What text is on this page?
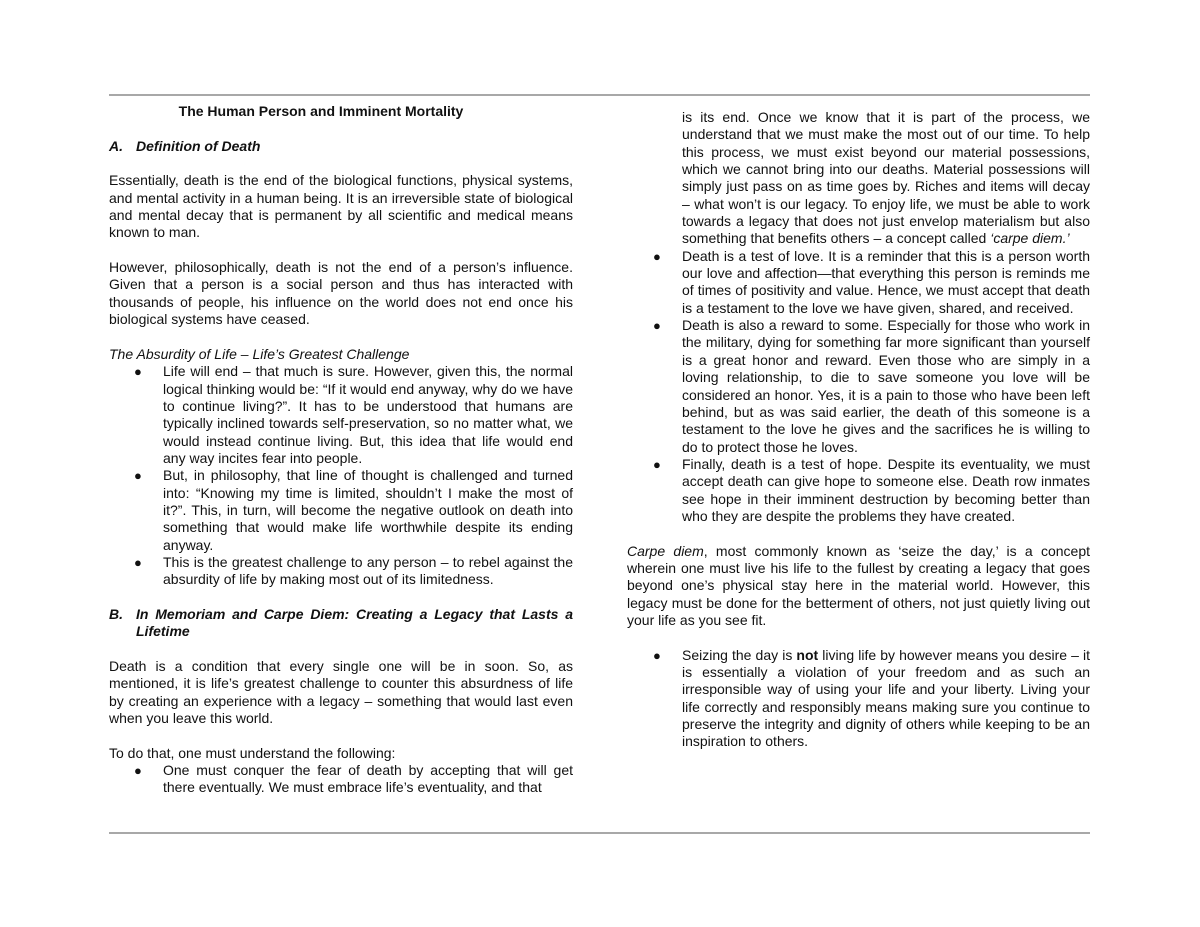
The Human Person and Imminent Mortality

A. Definition of Death

Essentially, death is the end of the biological functions, physical systems, and mental activity in a human being. It is an irreversible state of biological and mental decay that is permanent by all scientific and medical means known to man.

However, philosophically, death is not the end of a person’s influence. Given that a person is a social person and thus has interacted with thousands of people, his influence on the world does not end once his biological systems have ceased.

The Absurdity of Life – Life’s Greatest Challenge

● Life will end – that much is sure. However, given this, the normal logical thinking would be: “If it would end anyway, why do we have to continue living?”. It has to be understood that humans are typically inclined towards self-preservation, so no matter what, we would instead continue living. But, this idea that life would end any way incites fear into people.
● But, in philosophy, that line of thought is challenged and turned into: “Knowing my time is limited, shouldn’t I make the most of it?”. This, in turn, will become the negative outlook on death into something that would make life worthwhile despite its ending anyway.
● This is the greatest challenge to any person – to rebel against the absurdity of life by making most out of its limitedness.
B. In Memoriam and Carpe Diem: Creating a Legacy that Lasts a Lifetime

Death is a condition that every single one will be in soon. So, as mentioned, it is life’s greatest challenge to counter this absurdness of life by creating an experience with a legacy – something that would last even when you leave this world.

To do that, one must understand the following:

● One must conquer the fear of death by accepting that will get there eventually. We must embrace life’s eventuality, and that

is its end. Once we know that it is part of the process, we understand that we must make the most out of our time. To help this process, we must exist beyond our material possessions, which we cannot bring into our deaths. Material possessions will simply just pass on as time goes by. Riches and items will decay – what won’t is our legacy. To enjoy life, we must be able to work towards a legacy that does not just envelop materialism but also something that benefits others – a concept called ‘carpe diem.’

● Death is a test of love. It is a reminder that this is a person worth our love and affection—that everything this person is reminds me of times of positivity and value. Hence, we must accept that death is a testament to the love we have given, shared, and received.
● Death is also a reward to some. Especially for those who work in the military, dying for something far more significant than yourself is a great honor and reward. Even those who are simply in a loving relationship, to die to save someone you love will be considered an honor. Yes, it is a pain to those who have been left behind, but as was said earlier, the death of this someone is a testament to the love he gives and the sacrifices he is willing to do to protect those he loves.
● Finally, death is a test of hope. Despite its eventuality, we must accept death can give hope to someone else. Death row inmates see hope in their imminent destruction by becoming better than who they are despite the problems they have created.

Carpe diem, most commonly known as ‘seize the day,’ is a concept wherein one must live his life to the fullest by creating a legacy that goes beyond one’s physical stay here in the material world. However, this legacy must be done for the betterment of others, not just quietly living out your life as you see fit.

● Seizing the day is not living life by however means you desire – it is essentially a violation of your freedom and as such an irresponsible way of using your life and your liberty. Living your life correctly and responsibly means making sure you continue to preserve the integrity and dignity of others while keeping to be an inspiration to others.
